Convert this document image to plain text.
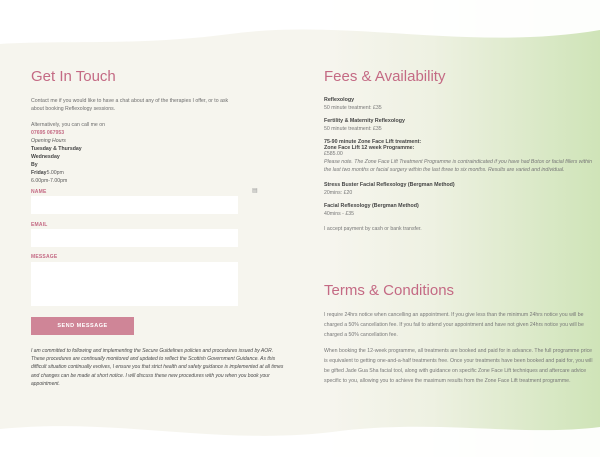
Get In Touch
Contact me if you would like to have a chat about any of the therapies I offer, or to ask about booking Reflexology sessions.
Alternatively, you can call me on
07695 067953
Opening Hours
Tuesday & Thursday
Wednesday
By
Friday5.00pm
6.00pm-7.00pm
NAME	▤
EMAIL
MESSAGE
SEND MESSAGE
I am committed to following and implementing the Secure Guidelines policies and procedures issued by AOR. These procedures are continually monitored and updated to reflect the Scottish Government Guidance. As this difficult situation continually evolves, I ensure you that strict health and safety guidance is implemented at all times and changes can be made at short notice. I will discuss these new procedures with you when you book your appointment.
Fees & Availability
Reflexology
50 minute treatment: £35
Fertility & Maternity Reflexology
50 minute treatment: £35
75-90 minute Zone Face Lift treatment:
Zone Face Lift 12 week Programme:
£585.00
Please note. The Zone Face Lift Treatment Programme is contraindicated if you have had Botox or facial fillers within the last two months or facial surgery within the last three to six months. Results are varied and individual.
Stress Buster Facial Reflexology (Bergman Method)
20mins: £20
Facial Reflexology (Bergman Method)
40mins - £35
I accept payment by cash or bank transfer.
Terms & Conditions
I require 24hrs notice when cancelling an appointment. If you give less than the minimum 24hrs notice you will be charged a 50% cancellation fee. If you fail to attend your appointment and have not given 24hrs notice you will be charged a 50% cancellation fee.
When booking the 12-week programme, all treatments are booked and paid for in advance. The full programme price is equivalent to getting one-and-a-half treatments free. Once your treatments have been booked and paid for, you will be gifted Jade Gua Sha facial tool, along with guidance on specific Zone Face Lift techniques and aftercare advice specific to you, allowing you to achieve the maximum results from the Zone Face Lift treatment programme.
